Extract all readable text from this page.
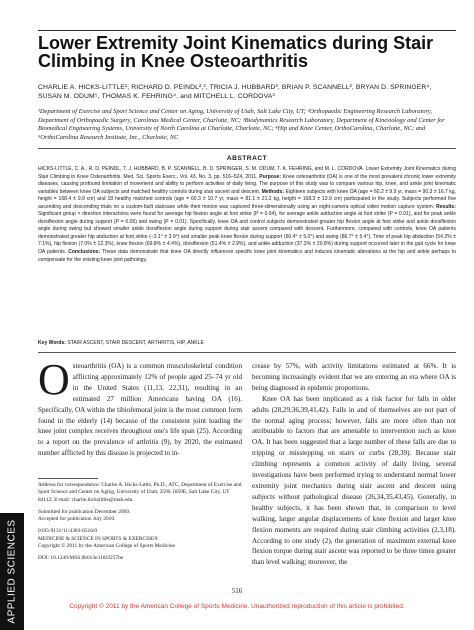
Lower Extremity Joint Kinematics during Stair Climbing in Knee Osteoarthritis
CHARLIE A. HICKS-LITTLE¹, RICHARD D. PEINDL²,³, TRICIA J. HUBBARD³, BRIAN P. SCANNELL², BRYAN D. SPRINGER⁴, SUSAN M. ODUM⁵, THOMAS K. FEHRING⁴, and MITCHELL L. CORDOVA³
¹Department of Exercise and Sport Science and Center on Aging, University of Utah, Salt Lake City, UT; ²Orthopaedic Engineering Research Laboratory, Department of Orthopaedic Surgery, Carolinas Medical Center, Charlotte, NC; ³Biodynamics Research Laboratory, Department of Kinesiology and Center for Biomedical Engineering Systems, University of North Carolina at Charlotte, Charlotte, NC; ⁴Hip and Knee Center, OrthoCarolina, Charlotte, NC; and ⁵OrthoCarolina Research Institute, Inc., Charlotte, NC
ABSTRACT
HICKS-LITTLE, C. A., R. D. PEINDL, T. J. HUBBARD, B. P. SCANNELL, B. D. SPRINGER, S. M. ODUM, T. K. FEHRING, and M. L. CORDOVA. Lower Extremity Joint Kinematics during Stair Climbing in Knee Osteoarthritis. Med. Sci. Sports Exerc., Vol. 43, No. 3, pp. 516–524, 2011. Purpose: Knee osteoarthritis (OA) is one of the most prevalent chronic lower extremity diseases, causing profound limitation of movement and ability to perform activities of daily living. The purpose of this study was to compare various hip, knee, and ankle joint kinematic variables between knee OA subjects and matched healthy controls during stair ascent and descent. Methods: Eighteen subjects with knee OA (age = 60.2 ± 9.9 yr, mass = 90.3 ± 16.7 kg, height = 168.4 ± 9.9 cm) and 18 healthy matched controls (age = 60.3 ± 10.7 yr, mass = 81.1 ± 21.2 kg, height = 168.3 ± 13.9 cm) participated in the study. Subjects performed five ascending and descending trials on a custom-built staircase while their motion was captured three-dimensionally using an eight-camera optical video motion capture system. Results: Significant group × direction interactions were found for average hip flexion angle at foot strike (P = 0.04), for average ankle adduction angle at foot strike (P = 0.01), and for peak ankle dorsiflexion angle during support (P = 0.05) and swing (P = 0.01). Specifically, knee OA and control subjects demonstrated greater hip flexion angle at foot strike and ankle dorsiflexion angle during swing but showed smaller ankle dorsiflexion angle during support during stair ascent compared with descent. Furthermore, compared with controls, knee OA patients demonstrated greater hip abduction at foot strike (−3.1° ± 3.9°) and smaller peak knee flexion during support (60.4° ± 5.0°) and swing (86.7° ± 5.4°). Time of peak hip abduction (54.2% ± 7.1%), hip flexion (7.0% ± 12.3%), knee flexion (69.8% ± 4.4%), dorsiflexion (51.4% ± 2.9%), and ankle adduction (37.3% ± 20.8%) during support occurred later in the gait cycle for knee OA patients. Conclusions: These data demonstrate that knee OA directly influences specific knee joint kinematics and induces kinematic alterations at the hip and ankle perhaps to compensate for the existing knee joint pathology.
Key Words: STAIR ASCENT, STAIR DESCENT, ARTHRITIS, HIP, ANKLE
O steoarthritis (OA) is a common musculoskeletal condition afflicting approximately 12% of people aged 25–74 yr old in the United States (11,13, 22,31), resulting in an estimated 27 million Americans having OA (16). Specifically, OA within the tibiofemoral joint is the most common form found in the elderly (14) because of the consistent joint loading the knee joint complex receives throughout one's life span (25). According to a report on the prevalence of arthritis (9), by 2020, the estimated number afflicted by this disease is projected to in-
Address for correspondence: Charlie A. Hicks-Little, Ph.D., ATC, Department of Exercise and Sport Science and Center on Aging, University of Utah, 250S 1850E, Salt Lake City, UT 84112; E-mail: charlie.hickslittle@utah.edu.
Submitted for publication December 2009.
Accepted for publication July 2010.
0195-9131/11/4303-0516/0
MEDICINE & SCIENCE IN SPORTS & EXERCISE®
Copyright © 2011 by the American College of Sports Medicine
DOI: 10.1249/MSS.0b013e3181f257be

crease by 57%, with activity limitations estimated at 66%. It is becoming increasingly evident that we are entering an era where OA is being diagnosed in epidemic proportions.

Knee OA has been implicated as a risk factor for falls in older adults (28,29,36,39,41,42). Falls in and of themselves are not part of the normal aging process; however, falls are more often than not attributable to factors that are amenable to intervention such as knee OA. It has been suggested that a large number of these falls are due to tripping or misstepping on stairs or curbs (28,39). Because stair climbing represents a common activity of daily living, several investigations have been performed trying to understand normal lower extremity joint mechanics during stair ascent and descent using subjects without pathological disease (26,34,35,43,45). Generally, in healthy subjects, it has been shown that, in comparison to level walking, larger angular displacements of knee flexion and larger knee flexion moments are required during stair climbing activities (2,3,18). According to one study (2), the generation of maximum external knee flexion torque during stair ascent was reported to be three times greater than level walking; moreover, the

APPLIED SCIENCES	516
Copyright © 2011 by the American College of Sports Medicine. Unauthorized reproduction of this article is prohibited.
